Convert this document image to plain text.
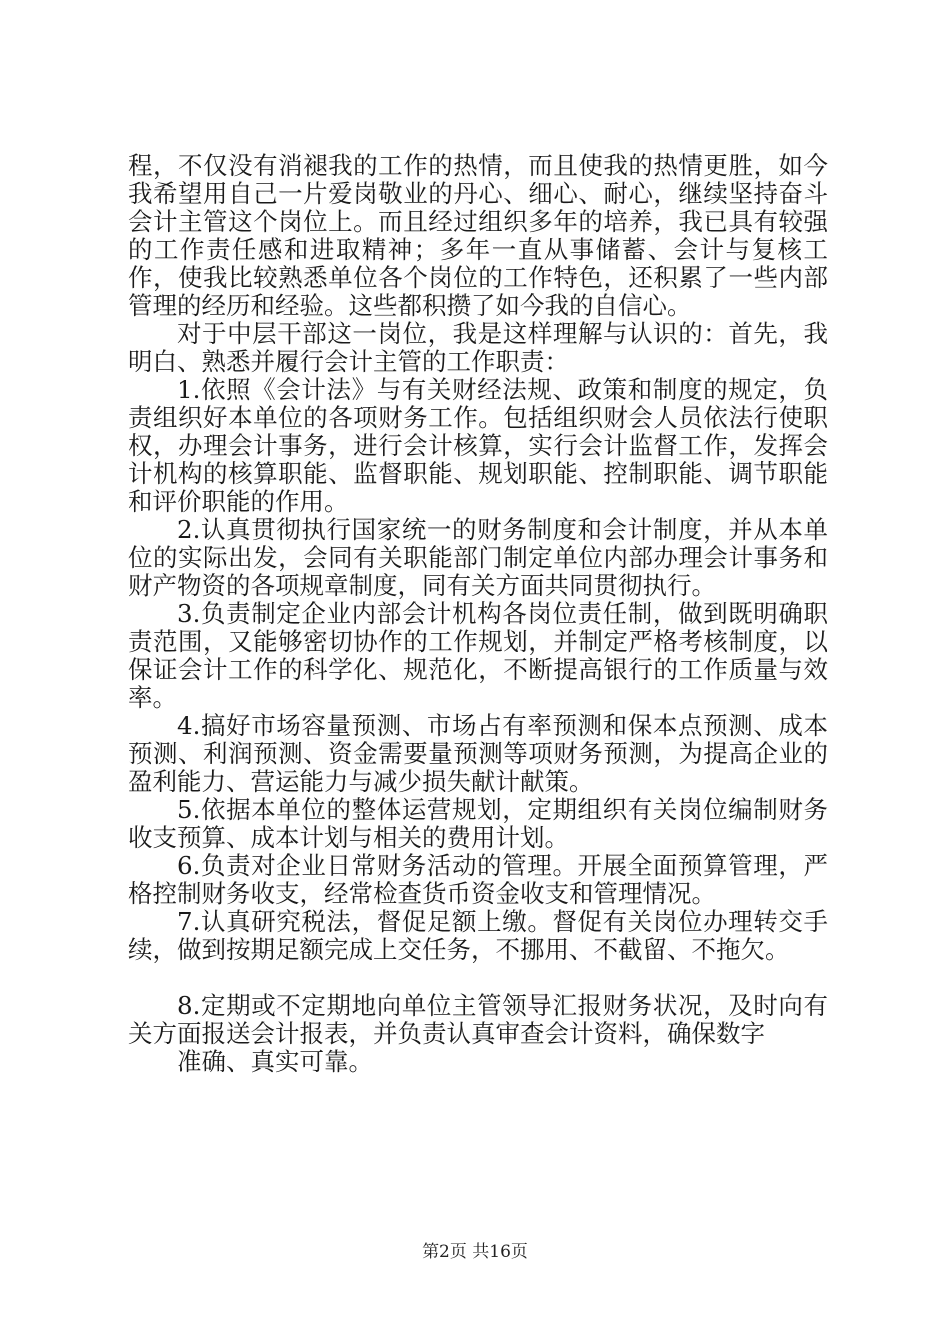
程，不仅没有消褪我的工作的热情，而且使我的热情更胜，如今我希望用自己一片爱岗敬业的丹心、细心、耐心，继续坚持奋斗会计主管这个岗位上。而且经过组织多年的培养，我已具有较强的工作责任感和进取精神；多年一直从事储蓄、会计与复核工作，使我比较熟悉单位各个岗位的工作特色，还积累了一些内部管理的经历和经验。这些都积攒了如今我的自信心。

对于中层干部这一岗位，我是这样理解与认识的：首先，我明白、熟悉并履行会计主管的工作职责：

1.依照《会计法》与有关财经法规、政策和制度的规定，负责组织好本单位的各项财务工作。包括组织财会人员依法行使职权，办理会计事务，进行会计核算，实行会计监督工作，发挥会计机构的核算职能、监督职能、规划职能、控制职能、调节职能和评价职能的作用。

2.认真贯彻执行国家统一的财务制度和会计制度，并从本单位的实际出发，会同有关职能部门制定单位内部办理会计事务和财产物资的各项规章制度，同有关方面共同贯彻执行。

3.负责制定企业内部会计机构各岗位责任制，做到既明确职责范围，又能够密切协作的工作规划，并制定严格考核制度，以保证会计工作的科学化、规范化，不断提高银行的工作质量与效率。

4.搞好市场容量预测、市场占有率预测和保本点预测、成本预测、利润预测、资金需要量预测等项财务预测，为提高企业的盈利能力、营运能力与减少损失献计献策。

5.依据本单位的整体运营规划，定期组织有关岗位编制财务收支预算、成本计划与相关的费用计划。

6.负责对企业日常财务活动的管理。开展全面预算管理，严格控制财务收支，经常检查货币资金收支和管理情况。

7.认真研究税法，督促足额上缴。督促有关岗位办理转交手续，做到按期足额完成上交任务，不挪用、不截留、不拖欠。

8.定期或不定期地向单位主管领导汇报财务状况，及时向有关方面报送会计报表，并负责认真审查会计资料，确保数字

准确、真实可靠。

第2页 共16页
